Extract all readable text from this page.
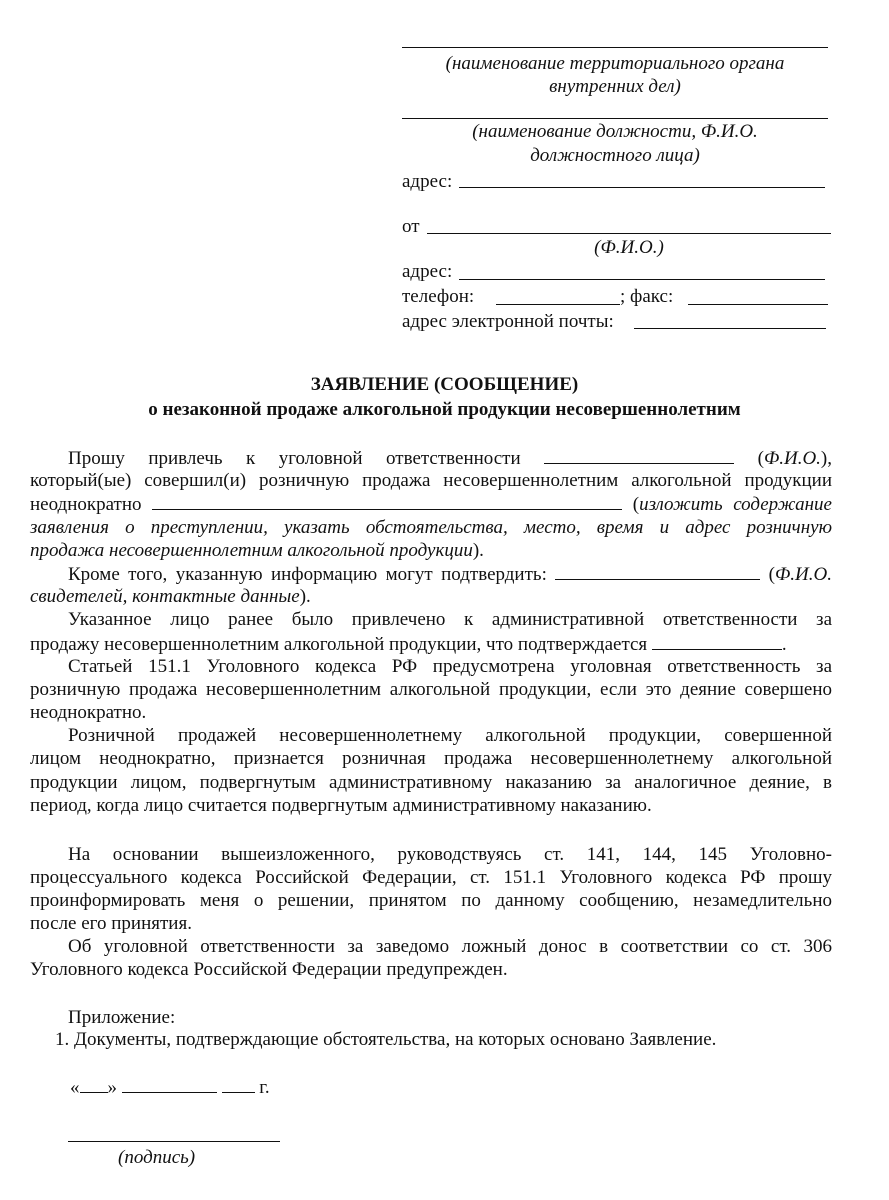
(наименование территориального органа
внутренних дел)
(наименование должности, Ф.И.О.
должностного лица)
адрес:
от
(Ф.И.О.)
адрес:
телефон:	; факс:
адрес электронной почты:
ЗАЯВЛЕНИЕ (СООБЩЕНИЕ)
о незаконной продаже алкогольной продукции несовершеннолетним
Прошу привлечь к уголовной ответственности	(Ф.И.О.),
который(ые) совершил(и) розничную продажа несовершеннолетним алкогольной продукции
неоднократно	(изложить содержание
заявления о преступлении, указать обстоятельства, место, время и адрес розничную
продажа несовершеннолетним алкогольной продукции).
Кроме того, указанную информацию могут подтвердить:	(Ф.И.О.
свидетелей, контактные данные).
Указанное лицо ранее было привлечено к административной ответственности за
продажу несовершеннолетним алкогольной продукции, что подтверждается	.
Статьей 151.1 Уголовного кодекса РФ предусмотрена уголовная ответственность за
розничную продажа несовершеннолетним алкогольной продукции, если это деяние совершено
неоднократно.
Розничной продажей несовершеннолетнему алкогольной продукции, совершенной
лицом неоднократно, признается розничная продажа несовершеннолетнему алкогольной
продукции лицом, подвергнутым административному наказанию за аналогичное деяние, в
период, когда лицо считается подвергнутым административному наказанию.
На основании вышеизложенного, руководствуясь ст. 141, 144, 145 Уголовно-
процессуального кодекса Российской Федерации, ст. 151.1 Уголовного кодекса РФ прошу
проинформировать меня о решении, принятом по данному сообщению, незамедлительно
после его принятия.
Об уголовной ответственности за заведомо ложный донос в соответствии со ст. 306
Уголовного кодекса Российской Федерации предупрежден.
Приложение:
1. Документы, подтверждающие обстоятельства, на которых основано Заявление.
« »	г.
(подпись)
